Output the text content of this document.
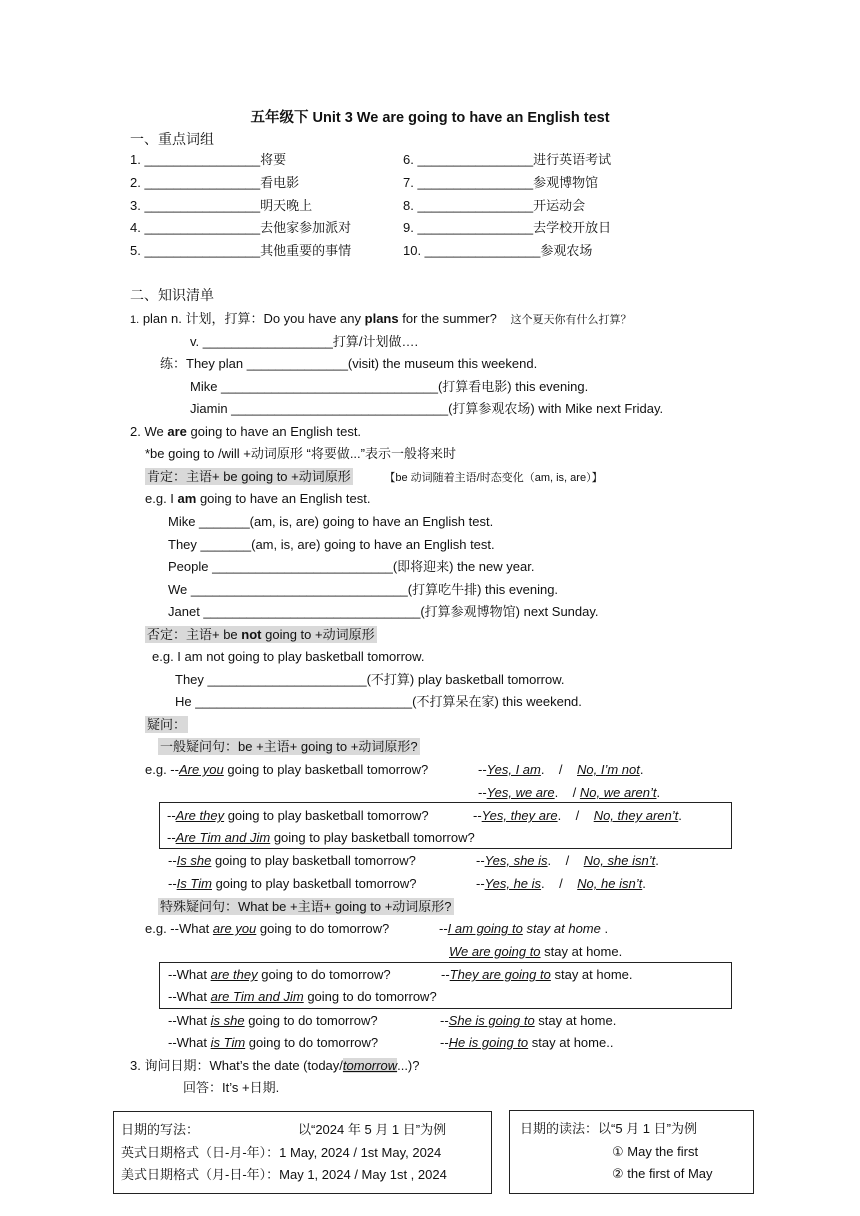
五年级下 Unit 3 We are going to have an English test
一、重点词组
1. ________________将要
2. ________________看电影
3. ________________明天晚上
4. ________________去他家参加派对
5. ________________其他重要的事情
6. ________________进行英语考试
7. ________________参观博物馆
8. ________________开运动会
9. ________________去学校开放日
10. ________________参观农场
二、知识清单
1. plan n. 计划，打算：Do you have any plans for the summer? 这个夏天你有什么打算？
v. __________________打算/计划做….
练：They plan ______________(visit) the museum this weekend.
Mike ______________________________(打算看电影) this evening.
Jiamin ______________________________(打算参观农场) with Mike next Friday.
2. We are going to have an English test.
*be going to /will +动词原形 “将要做...”表示一般将来时
肯定：主语+ be going to +动词原形	【be 动词随着主语/时态变化（am, is, are）】
e.g. I am going to have an English test.
Mike _______(am, is, are) going to have an English test.
They _______(am, is, are) going to have an English test.
People _________________________(即将迎来) the new year.
We ______________________________(打算吃牛排) this evening.
Janet ______________________________(打算参观博物馆) next Sunday.
否定：主语+ be not going to +动词原形
e.g. I am not going to play basketball tomorrow.
They ______________________(不打算) play basketball tomorrow.
He ______________________________(不打算呆在家) this weekend.
疑问：
一般疑问句：be +主语+ going to +动词原形?
e.g. --Are you going to play basketball tomorrow?	--Yes, I am.    /    No, I’m not.
--Yes, we are.    / No, we aren’t.
--Are they going to play basketball tomorrow?	--Yes, they are.    /    No, they aren’t.
--Are Tim and Jim going to play basketball tomorrow?
--Is she going to play basketball tomorrow?	--Yes, she is.    /    No, she isn’t.
--Is Tim going to play basketball tomorrow?	--Yes, he is.    /    No, he isn’t.
特殊疑问句：What be +主语+ going to +动词原形?
e.g. --What are you going to do tomorrow?	--I am going to stay at home .
We are going to stay at home.
--What are they going to do tomorrow?	--They are going to stay at home.
--What are Tim and Jim going to do tomorrow?
--What is she going to do tomorrow?	--She is going to stay at home.
--What is Tim going to do tomorrow?	--He is going to stay at home..
3. 询问日期：What’s the date (today/tomorrow...)?
回答：It’s +日期.
日期的写法：	以“2024 年 5 月 1 日”为例
英式日期格式（日-月-年）：1 May, 2024 / 1st May, 2024
美式日期格式（月-日-年）：May 1, 2024 / May 1st , 2024
日期的读法：以“5 月 1 日”为例
① May the first
② the first of May
